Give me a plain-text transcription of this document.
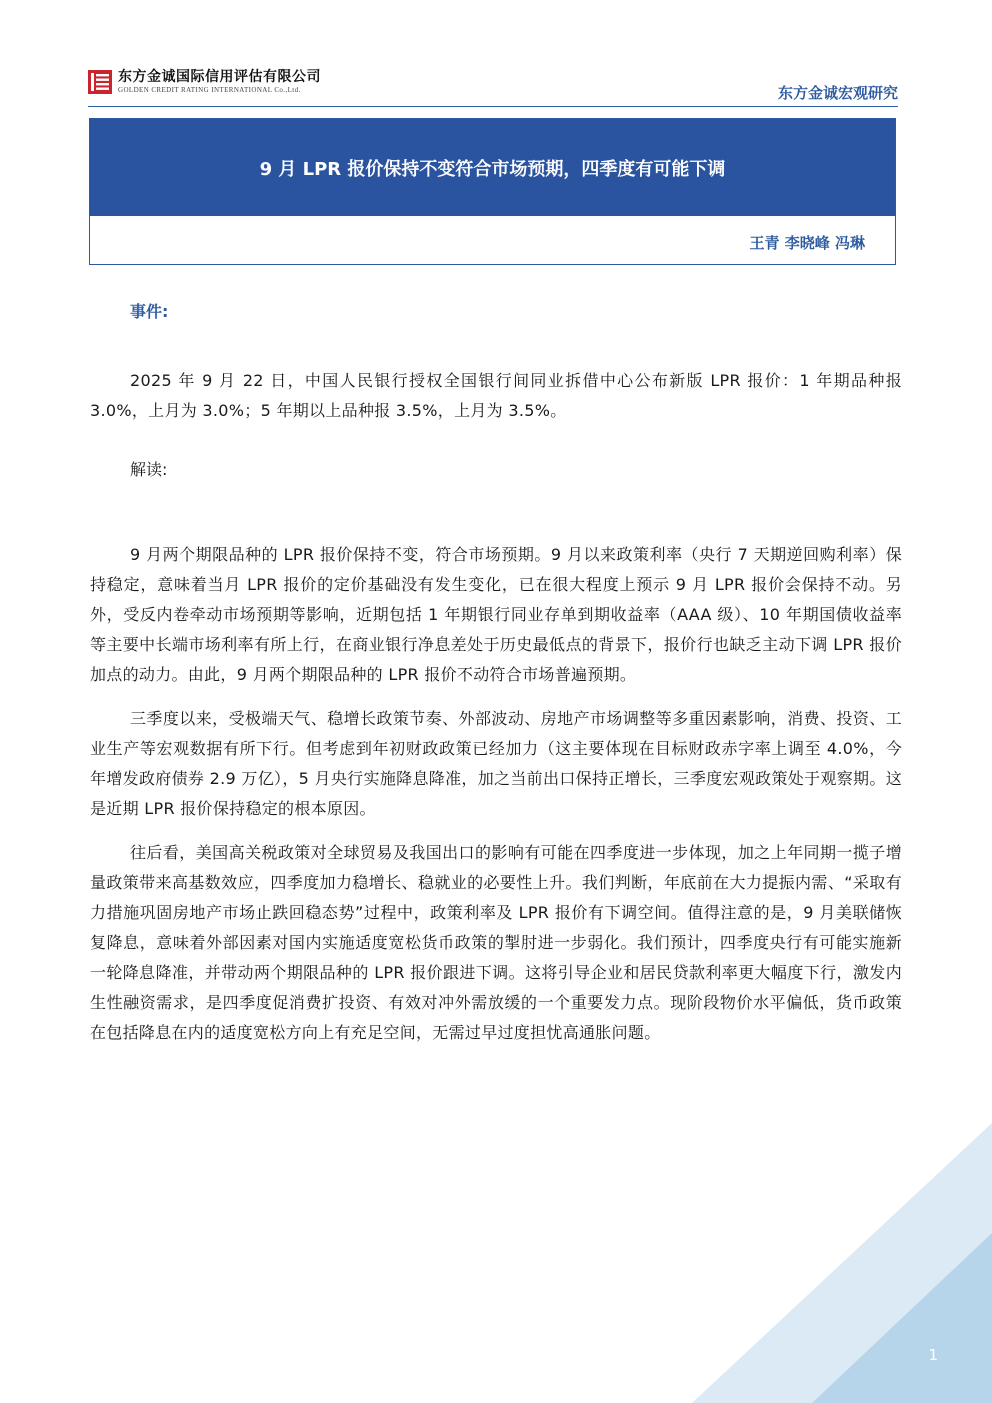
东方金诚国际信用评估有限公司
GOLDEN CREDIT RATING INTERNATIONAL Co.,Ltd.	东方金诚宏观研究
9 月 LPR 报价保持不变符合市场预期，四季度有可能下调
王青 李晓峰 冯琳
事件:

2025 年 9 月 22 日，中国人民银行授权全国银行间同业拆借中心公布新版 LPR 报价：1 年期品种报 3.0%，上月为 3.0%；5 年期以上品种报 3.5%，上月为 3.5%。

解读:

9 月两个期限品种的 LPR 报价保持不变，符合市场预期。9 月以来政策利率（央行 7 天期逆回购利率）保持稳定，意味着当月 LPR 报价的定价基础没有发生变化，已在很大程度上预示 9 月 LPR 报价会保持不动。另外，受反内卷牵动市场预期等影响，近期包括 1 年期银行同业存单到期收益率（AAA 级）、10 年期国债收益率等主要中长端市场利率有所上行，在商业银行净息差处于历史最低点的背景下，报价行也缺乏主动下调 LPR 报价加点的动力。由此，9 月两个期限品种的 LPR 报价不动符合市场普遍预期。

三季度以来，受极端天气、稳增长政策节奏、外部波动、房地产市场调整等多重因素影响，消费、投资、工业生产等宏观数据有所下行。但考虑到年初财政政策已经加力（这主要体现在目标财政赤字率上调至 4.0%，今年增发政府债券 2.9 万亿），5 月央行实施降息降准，加之当前出口保持正增长，三季度宏观政策处于观察期。这是近期 LPR 报价保持稳定的根本原因。

往后看，美国高关税政策对全球贸易及我国出口的影响有可能在四季度进一步体现，加之上年同期一揽子增量政策带来高基数效应，四季度加力稳增长、稳就业的必要性上升。我们判断，年底前在大力提振内需、“采取有力措施巩固房地产市场止跌回稳态势”过程中，政策利率及 LPR 报价有下调空间。值得注意的是，9 月美联储恢复降息，意味着外部因素对国内实施适度宽松货币政策的掣肘进一步弱化。我们预计，四季度央行有可能实施新一轮降息降准，并带动两个期限品种的 LPR 报价跟进下调。这将引导企业和居民贷款利率更大幅度下行，激发内生性融资需求，是四季度促消费扩投资、有效对冲外需放缓的一个重要发力点。现阶段物价水平偏低，货币政策在包括降息在内的适度宽松方向上有充足空间，无需过早过度担忧高通胀问题。

1
